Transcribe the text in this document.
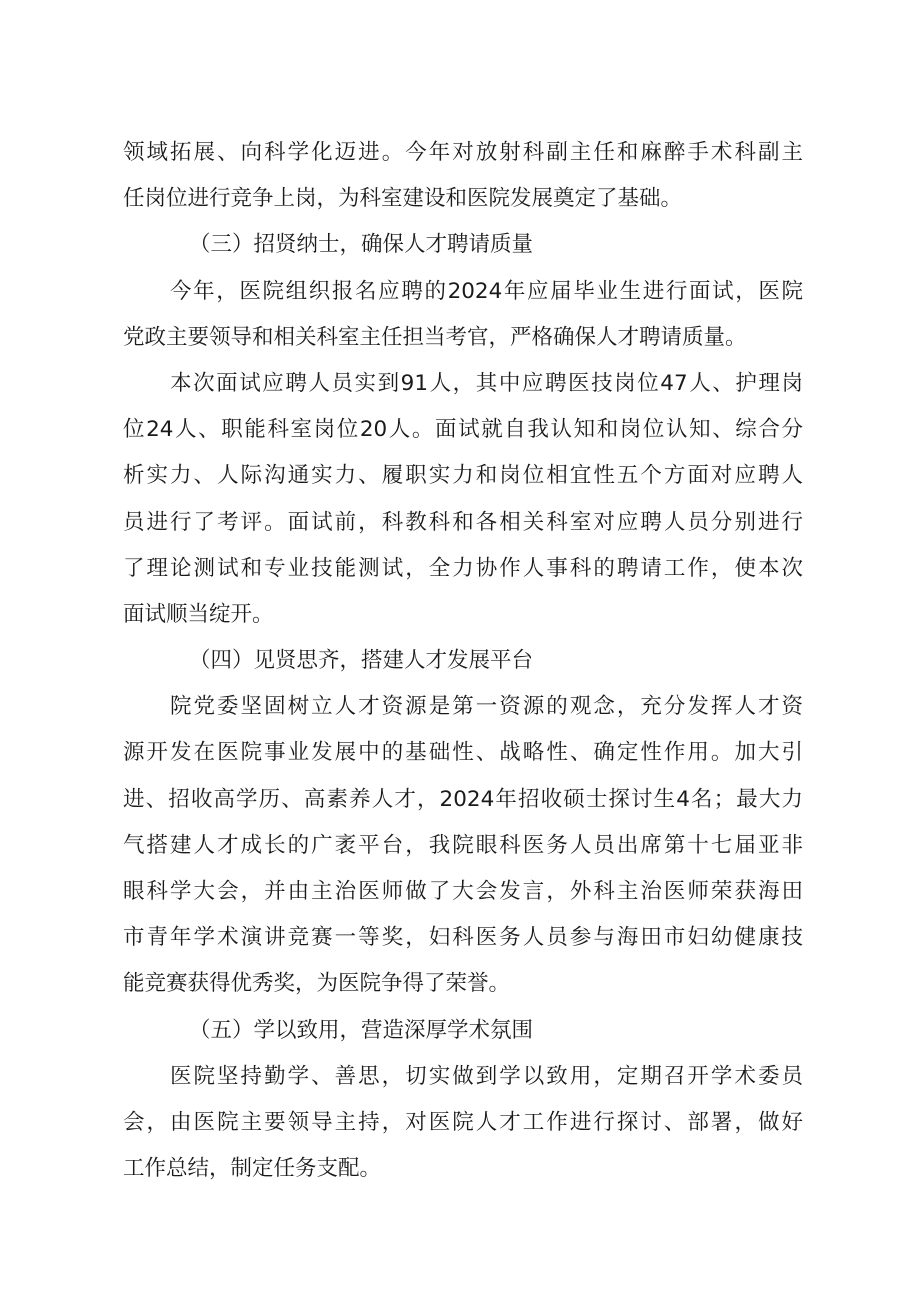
领域拓展、向科学化迈进。今年对放射科副主任和麻醉手术科副主
任岗位进行竞争上岗，为科室建设和医院发展奠定了基础。
（三）招贤纳士，确保人才聘请质量
今年，医院组织报名应聘的2024年应届毕业生进行面试，医院
党政主要领导和相关科室主任担当考官，严格确保人才聘请质量。
本次面试应聘人员实到91人，其中应聘医技岗位47人、护理岗
位24人、职能科室岗位20人。面试就自我认知和岗位认知、综合分
析实力、人际沟通实力、履职实力和岗位相宜性五个方面对应聘人
员进行了考评。面试前，科教科和各相关科室对应聘人员分别进行
了理论测试和专业技能测试，全力协作人事科的聘请工作，使本次
面试顺当绽开。
（四）见贤思齐，搭建人才发展平台
院党委坚固树立人才资源是第一资源的观念，充分发挥人才资
源开发在医院事业发展中的基础性、战略性、确定性作用。加大引
进、招收高学历、高素养人才，2024年招收硕士探讨生4名；最大力
气搭建人才成长的广袤平台，我院眼科医务人员出席第十七届亚非
眼科学大会，并由主治医师做了大会发言，外科主治医师荣获海田
市青年学术演讲竞赛一等奖，妇科医务人员参与海田市妇幼健康技
能竞赛获得优秀奖，为医院争得了荣誉。
（五）学以致用，营造深厚学术氛围
医院坚持勤学、善思，切实做到学以致用，定期召开学术委员
会，由医院主要领导主持，对医院人才工作进行探讨、部署，做好
工作总结，制定任务支配。
